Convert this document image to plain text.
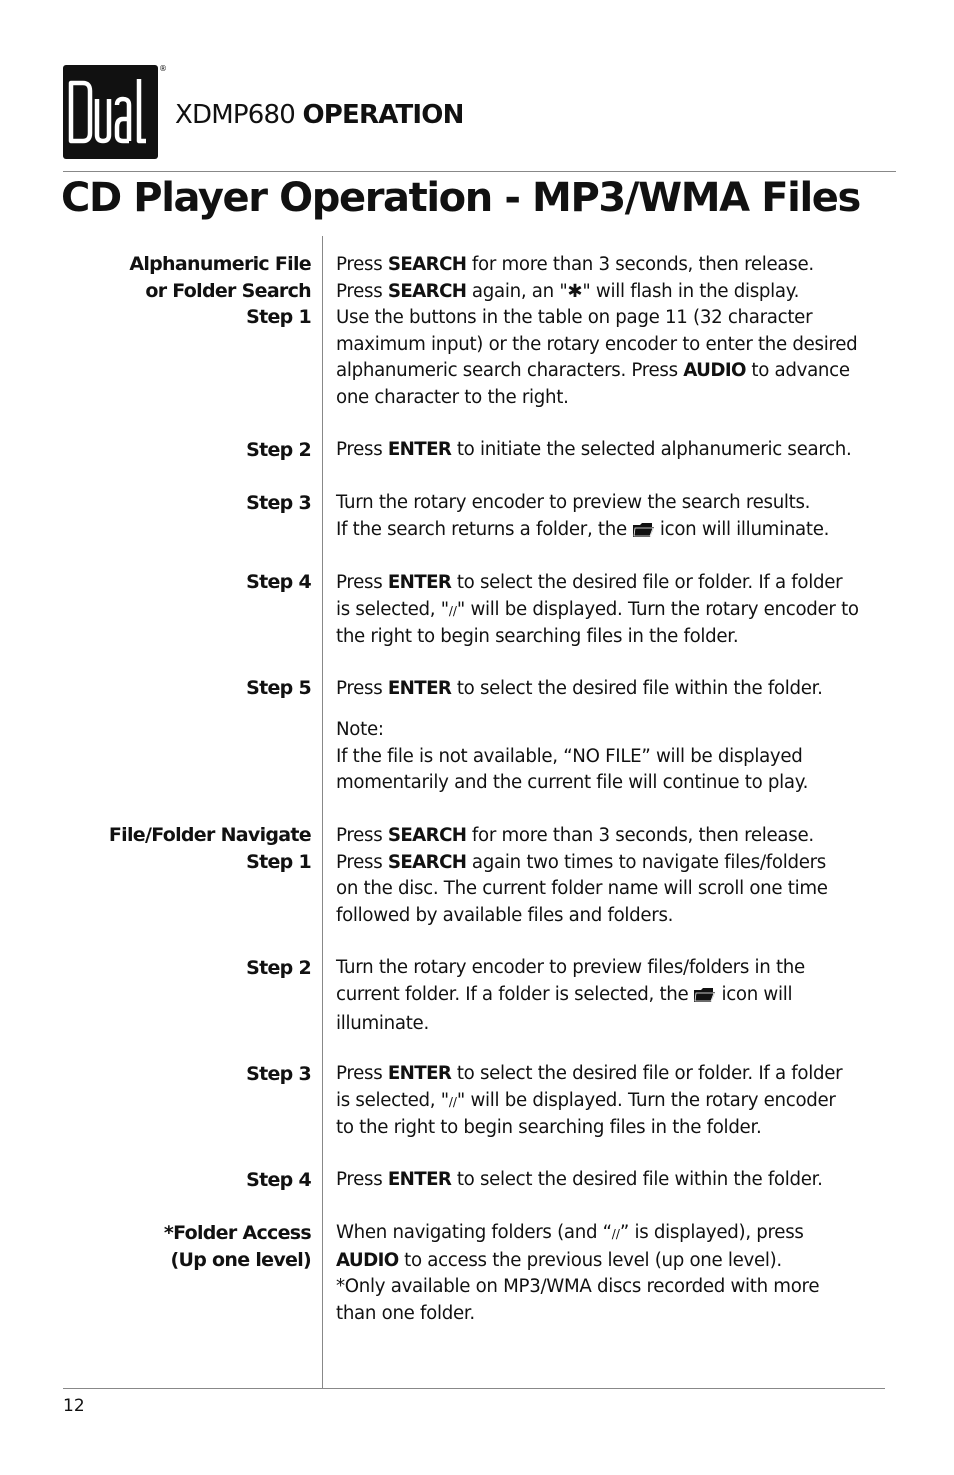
®
XDMP680 OPERATION
CD Player Operation - MP3/WMA Files
Alphanumeric File
or Folder Search
Step 1
Step 2
Step 3
Step 4
Step 5
File/Folder Navigate
Step 1
Step 2
Step 3
Step 4
*Folder Access
(Up one level)
Press SEARCH for more than 3 seconds, then release.
Press SEARCH again, an "✱" will flash in the display.
Use the buttons in the table on page 11 (32 character
maximum input) or the rotary encoder to enter the desired
alphanumeric search characters. Press AUDIO to advance
one character to the right.
Press ENTER to initiate the selected alphanumeric search.
Turn the rotary encoder to preview the search results.
If the search returns a folder, the icon will illuminate.
Press ENTER to select the desired file or folder. If a folder
is selected, "//" will be displayed. Turn the rotary encoder to
the right to begin searching files in the folder.
Press ENTER to select the desired file within the folder.
Note:
If the file is not available, “NO FILE” will be displayed
momentarily and the current file will continue to play.
Press SEARCH for more than 3 seconds, then release.
Press SEARCH again two times to navigate files/folders
on the disc. The current folder name will scroll one time
followed by available files and folders.
Turn the rotary encoder to preview files/folders in the
current folder. If a folder is selected, the icon will
illuminate.
Press ENTER to select the desired file or folder. If a folder
is selected, "//" will be displayed. Turn the rotary encoder
to the right to begin searching files in the folder.
Press ENTER to select the desired file within the folder.
When navigating folders (and “//” is displayed), press
AUDIO to access the previous level (up one level).
*Only available on MP3/WMA discs recorded with more
than one folder.
12
